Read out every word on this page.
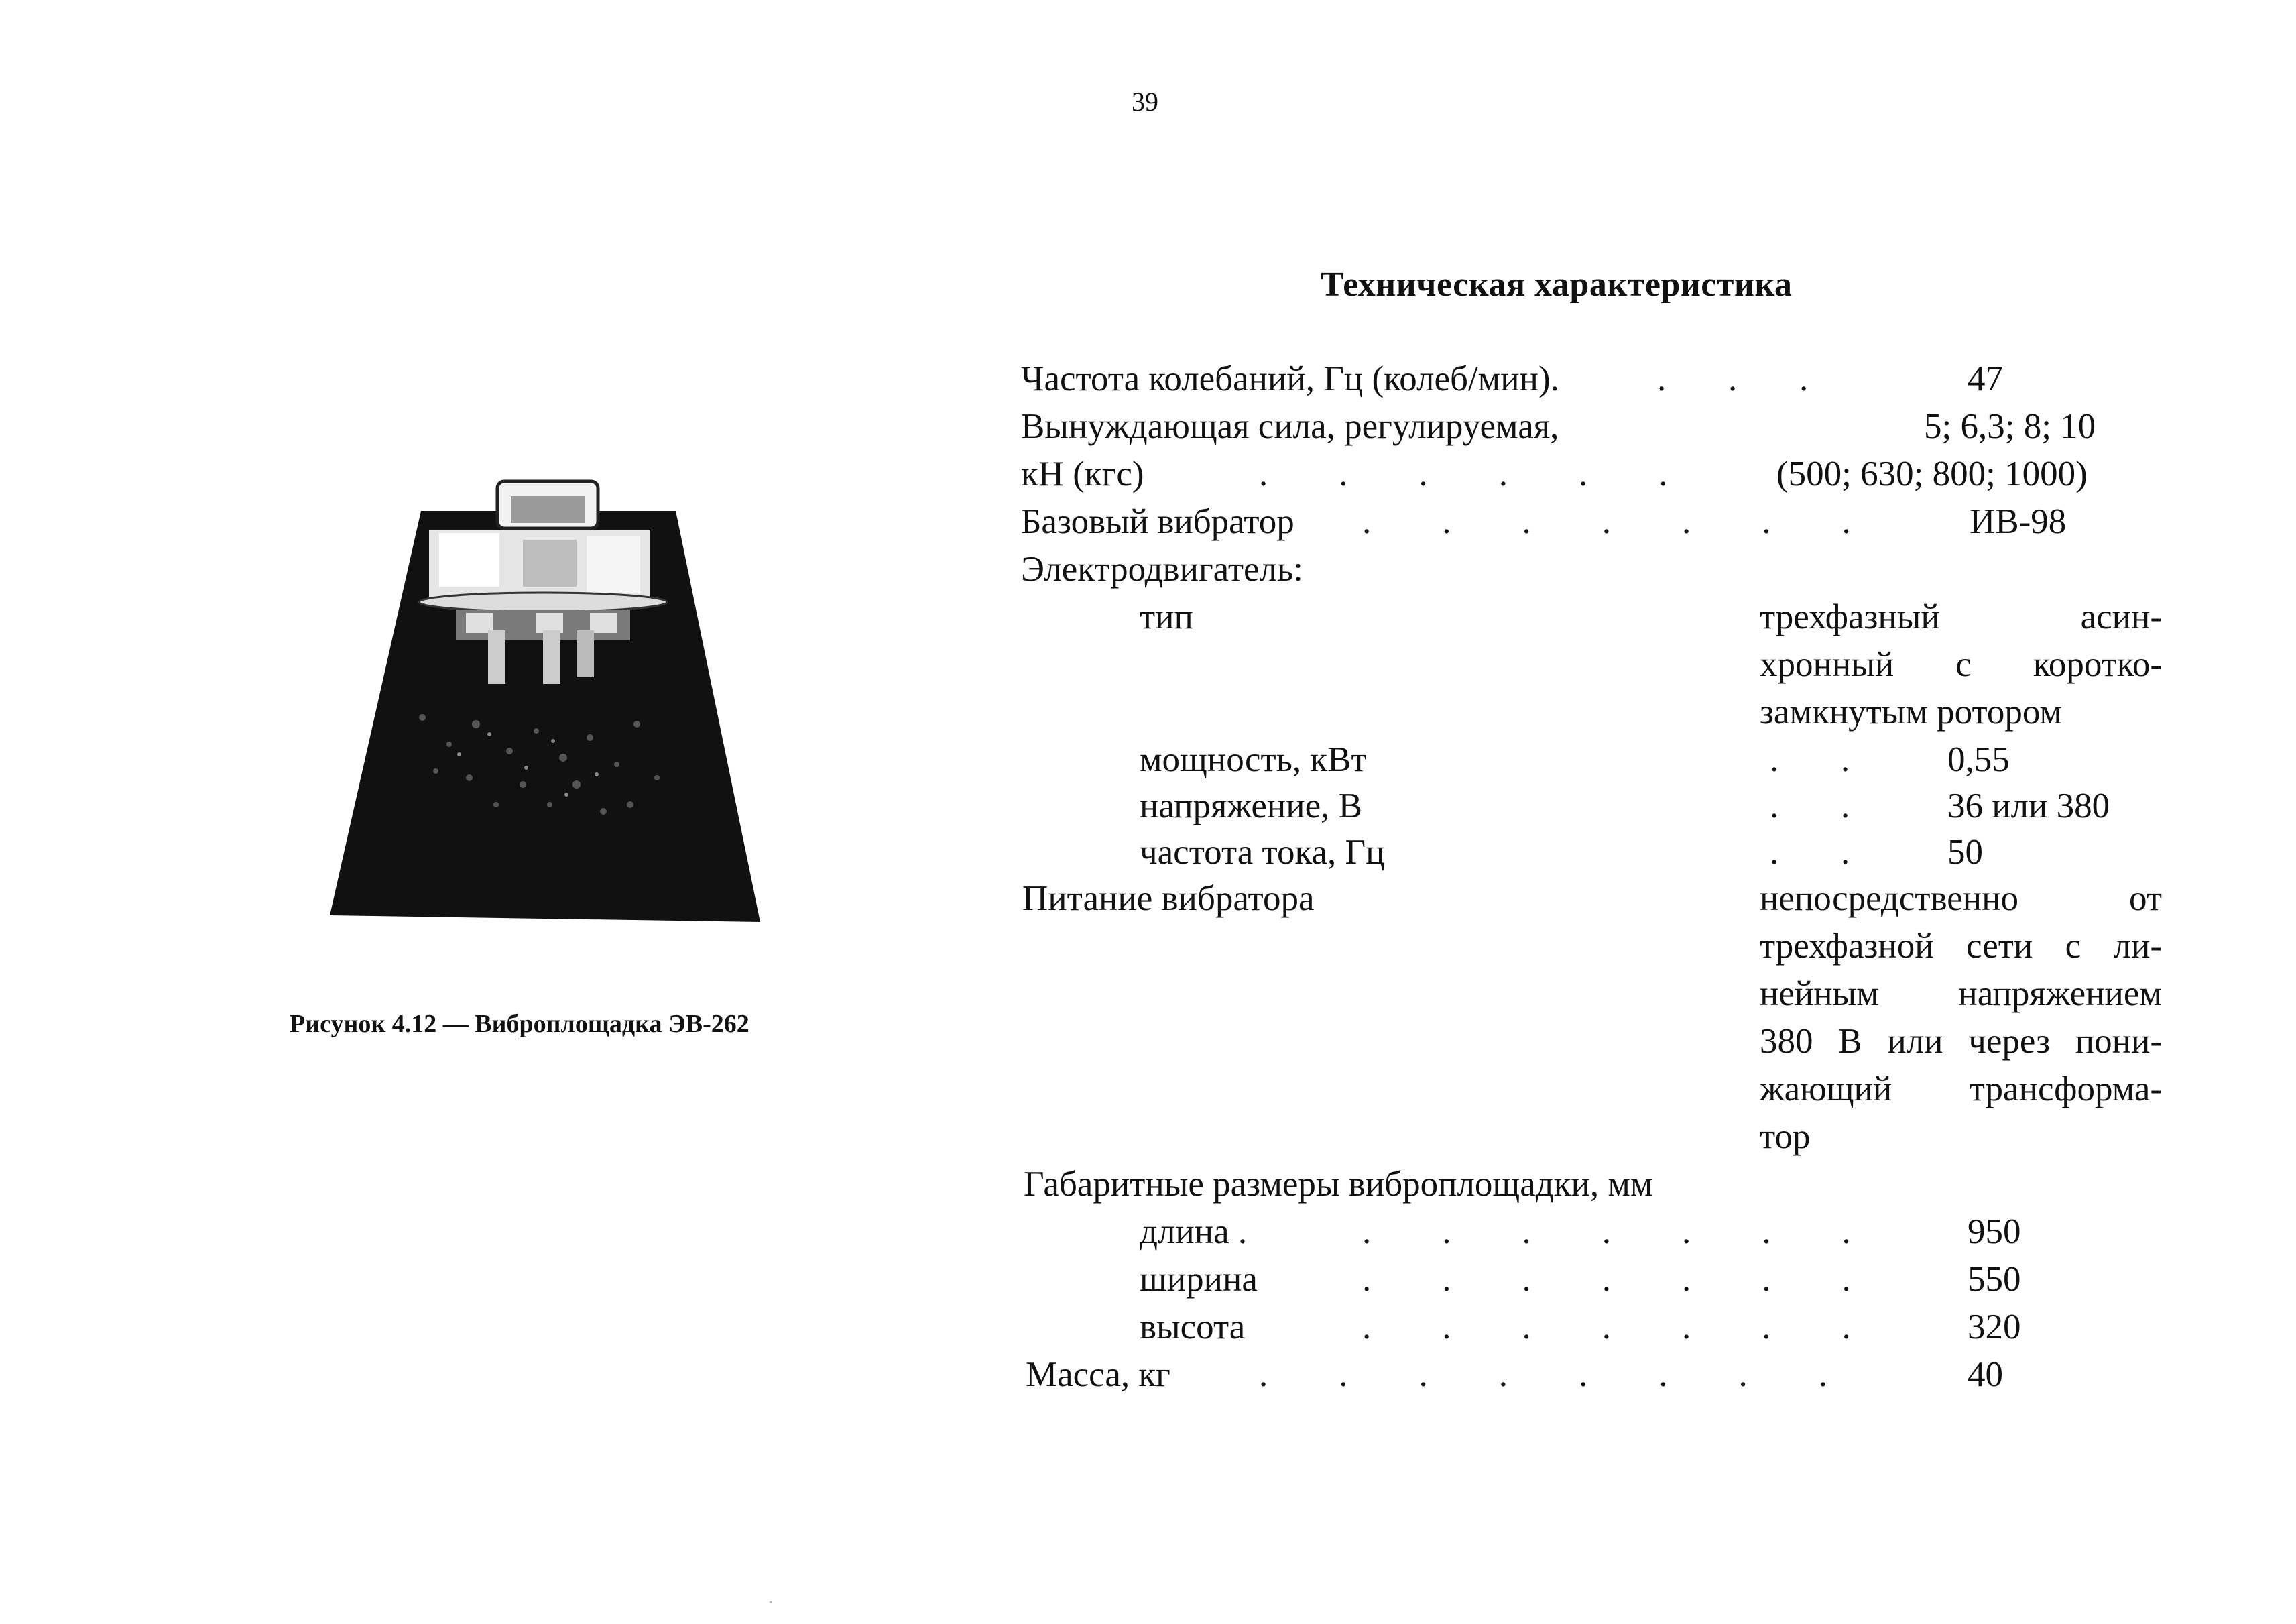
39
Техническая характеристика
Рисунок 4.12 — Виброплощадка ЭВ-262
Частота колебаний, Гц (колеб/мин).	.       .       .	47
Вынуждающая сила, регулируемая,	5; 6,3; 8; 10
кН (кгс)	.        .        .        .        .        .	(500; 630; 800; 1000)
Базовый вибратор .        .        .        .        .        .        .	ИВ-98
Электродвигатель:
тип	трехфазный асин-
хронный с коротко-
замкнутым ротором
мощность, кВт	.       .	0,55
напряжение, В	.       .	36 или 380
частота тока, Гц	.       .	50
Питание вибратора	непосредственно от
трехфазной сети с ли-
нейным напряжением
380 В или через пони-
жающий трансформа-
тор
Габаритные размеры виброплощадки, мм
длина .	.        .        .        .        .        .        .	950
ширина	.        .        .        .        .        .        .	550
высота	.        .        .        .        .        .        .	320
Масса, кг .        .        .        .        .        .        .        .	40
